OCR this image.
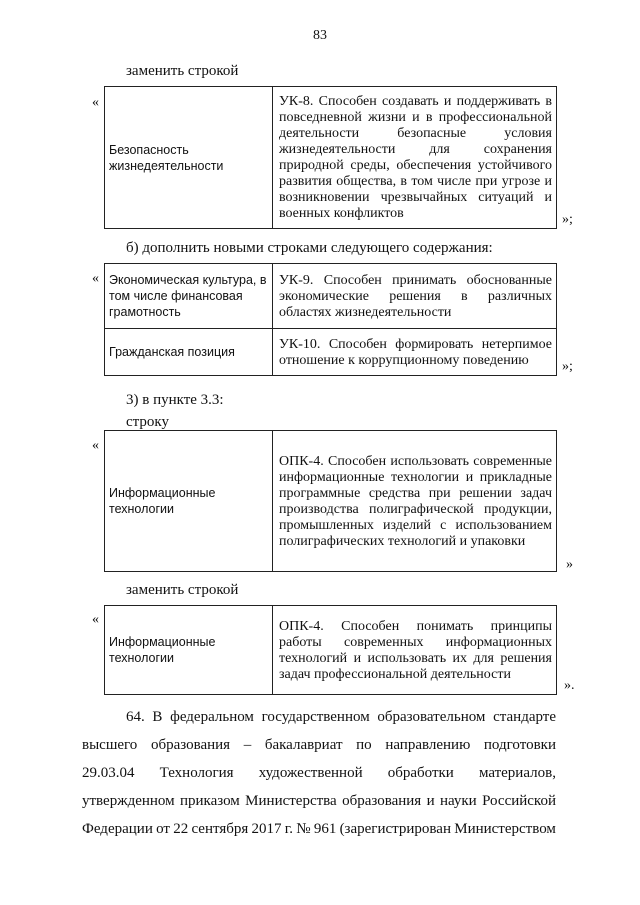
83
заменить строкой
«
Безопасность жизнедеятельности	УК-8. Способен создавать и поддерживать в повседневной жизни и в профессиональной деятельности безопасные условия жизнедеятельности для сохранения природной среды, обеспечения устойчивого развития общества, в том числе при угрозе и возникновении чрезвычайных ситуаций и военных конфликтов	»;
б) дополнить новыми строками следующего содержания:
« Экономическая культура, в том числе финансовая грамотность	УК-9. Способен принимать обоснованные экономические решения в различных областях жизнедеятельности
Гражданская позиция	УК-10. Способен формировать нетерпимое отношение к коррупционному поведению »;
3) в пункте 3.3:
строку
«
Информационные технологии	ОПК-4. Способен использовать современные информационные технологии и прикладные программные средства при решении задач производства полиграфической продукции, промышленных изделий с использованием полиграфических технологий и упаковки
»
заменить строкой
«
Информационные технологии	ОПК-4. Способен понимать принципы работы современных информационных технологий и использовать их для решения задач профессиональной деятельности
».
64. В федеральном государственном образовательном стандарте
высшего образования – бакалавриат по направлению подготовки
29.03.04 Технология художественной обработки материалов,
утвержденном приказом Министерства образования и науки Российской
Федерации от 22 сентября 2017 г. № 961 (зарегистрирован Министерством
